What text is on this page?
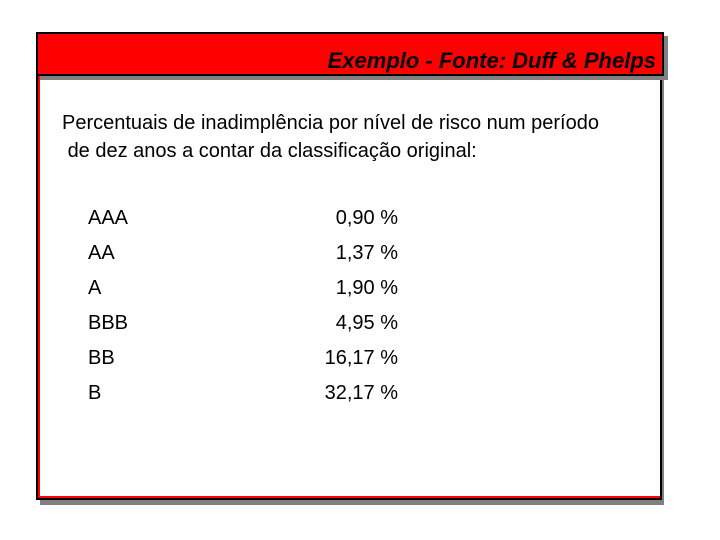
Exemplo - Fonte: Duff & Phelps
Percentuais de inadimplência por nível de risco num período

de dez anos a contar da classificação original:
AAA	0,90 %
AA	1,37 %
A	1,90 %
BBB	4,95 %
BB	16,17 %
B	32,17 %
